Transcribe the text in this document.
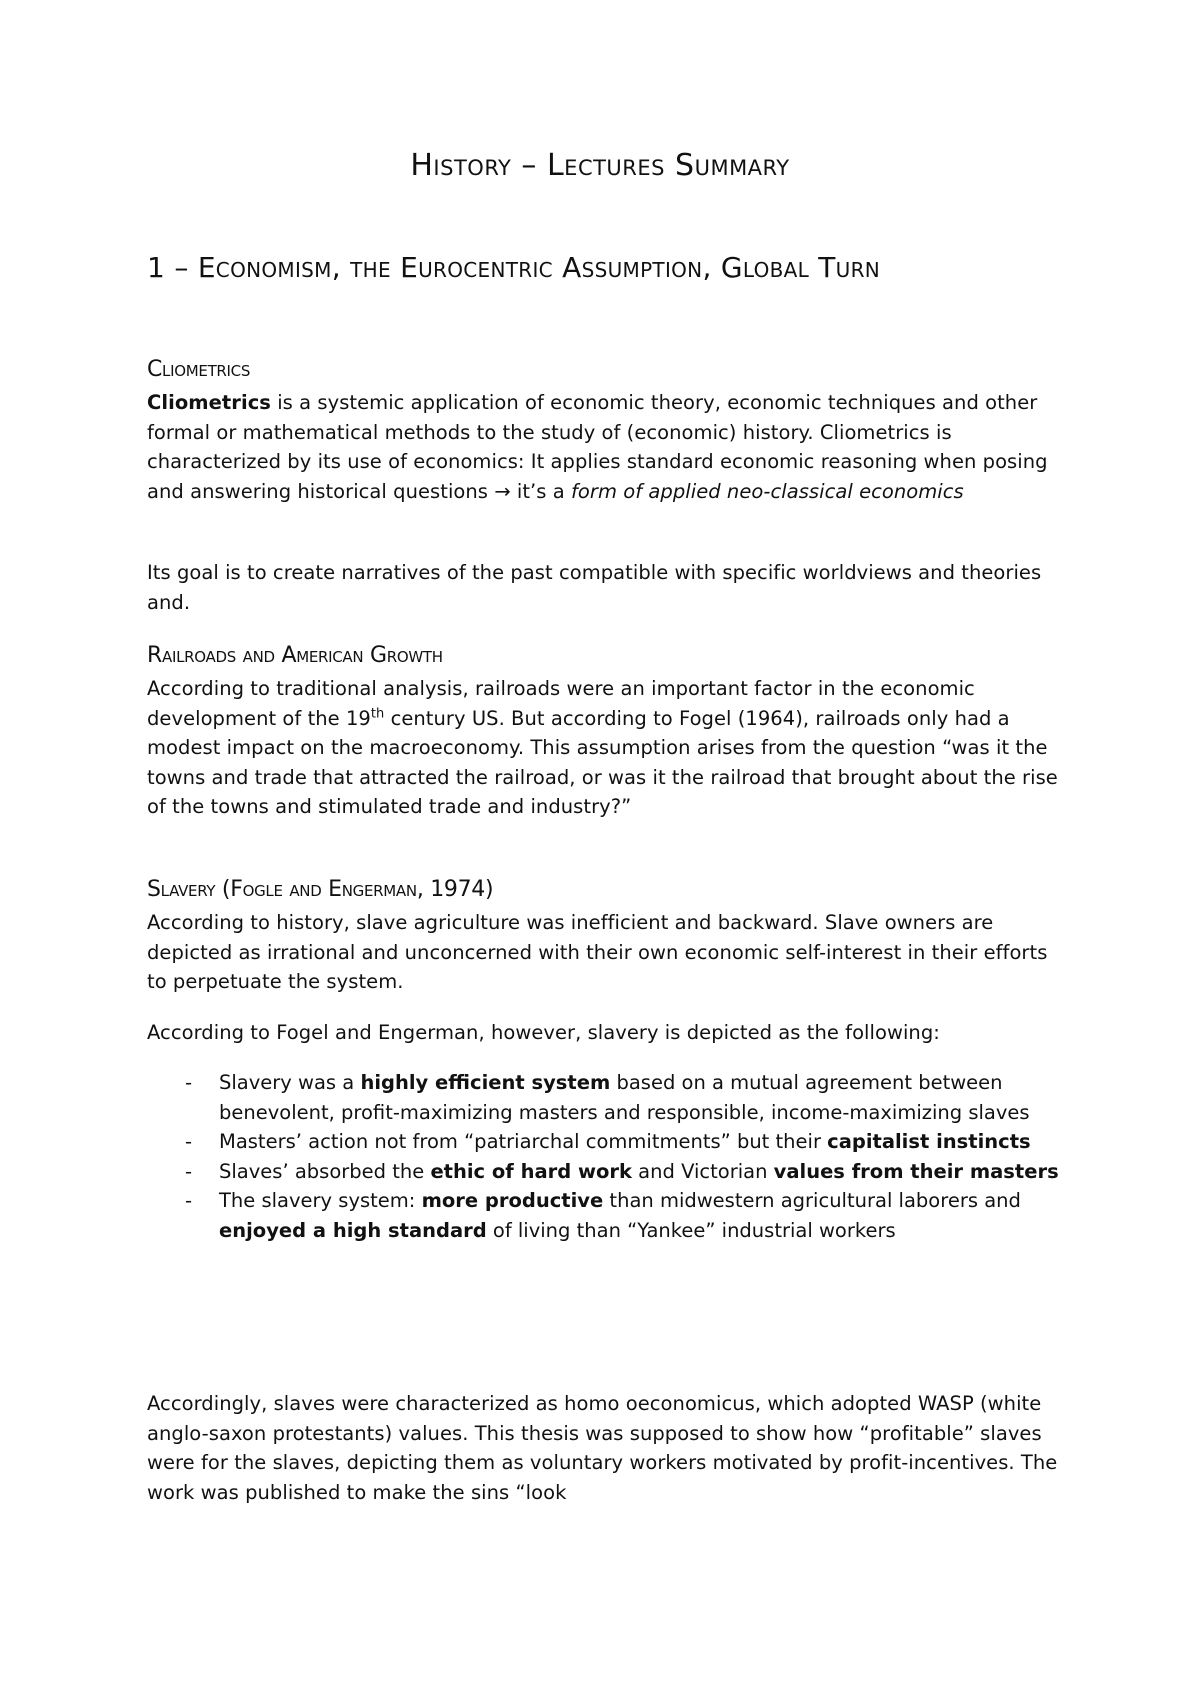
History – Lectures Summary
1 – Economism, the Eurocentric Assumption, Global Turn
Cliometrics

Cliometrics is a systemic application of economic theory, economic techniques and other formal or mathematical methods to the study of (economic) history. Cliometrics is characterized by its use of economics: It applies standard economic reasoning when posing and answering historical questions → it’s a form of applied neo-classical economics

Its goal is to create narratives of the past compatible with specific worldviews and theories and.

Railroads and American Growth

According to traditional analysis, railroads were an important factor in the economic development of the 19th century US. But according to Fogel (1964), railroads only had a modest impact on the macroeconomy. This assumption arises from the question “was it the towns and trade that attracted the railroad, or was it the railroad that brought about the rise of the towns and stimulated trade and industry?”

Slavery (Fogle and Engerman, 1974)

According to history, slave agriculture was inefficient and backward. Slave owners are depicted as irrational and unconcerned with their own economic self-interest in their efforts to perpetuate the system.

According to Fogel and Engerman, however, slavery is depicted as the following:

- Slavery was a highly efficient system based on a mutual agreement between benevolent, profit-maximizing masters and responsible, income-maximizing slaves
- Masters’ action not from “patriarchal commitments” but their capitalist instincts
- Slaves’ absorbed the ethic of hard work and Victorian values from their masters
- The slavery system: more productive than midwestern agricultural laborers and enjoyed a high standard of living than “Yankee” industrial workers

Accordingly, slaves were characterized as homo oeconomicus, which adopted WASP (white anglo-saxon protestants) values. This thesis was supposed to show how “profitable” slaves were for the slaves, depicting them as voluntary workers motivated by profit-incentives. The work was published to make the sins “look
